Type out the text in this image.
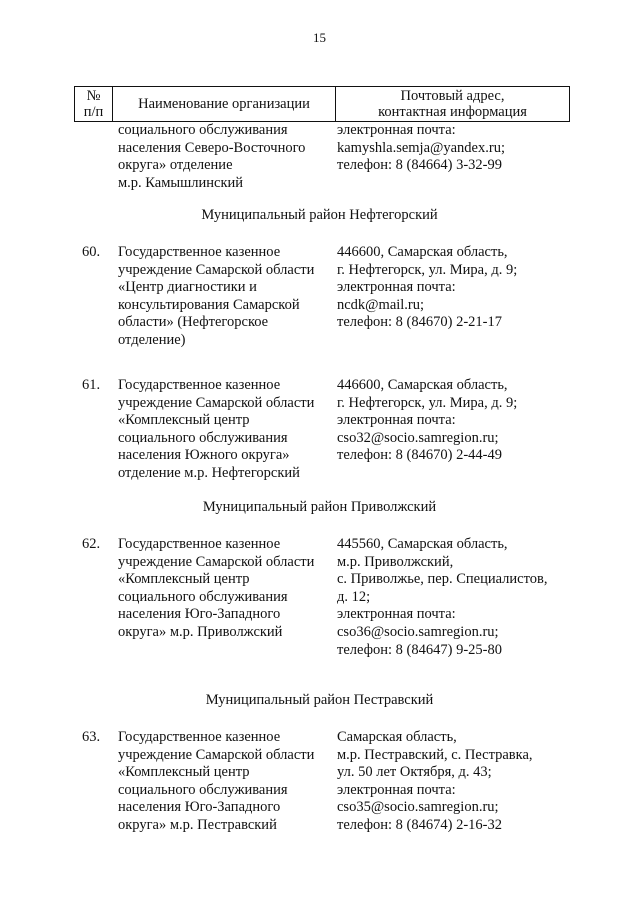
15
№
п/п Наименование организации	Почтовый адрес,
контактная информация
социального обслуживания
населения Северо-Восточного
округа» отделение
м.р. Камышлинский
электронная почта:
kamyshla.semja@yandex.ru;
телефон: 8 (84664) 3-32-99
Муниципальный район Нефтегорский
60. Государственное казенное
учреждение Самарской области
«Центр диагностики и
консультирования Самарской
области» (Нефтегорское
отделение)
446600, Самарская область,
г. Нефтегорск, ул. Мира, д. 9;
электронная почта:
ncdk@mail.ru;
телефон: 8 (84670) 2-21-17
61. Государственное казенное
учреждение Самарской области
«Комплексный центр
социального обслуживания
населения Южного округа»
отделение м.р. Нефтегорский
446600, Самарская область,
г. Нефтегорск, ул. Мира, д. 9;
электронная почта:
cso32@socio.samregion.ru;
телефон: 8 (84670) 2-44-49
Муниципальный район Приволжский
62. Государственное казенное
учреждение Самарской области
«Комплексный центр
социального обслуживания
населения Юго-Западного
округа» м.р. Приволжский
445560, Самарская область,
м.р. Приволжский,
с. Приволжье, пер. Специалистов,
д. 12;
электронная почта:
cso36@socio.samregion.ru;
телефон: 8 (84647) 9-25-80
Муниципальный район Пестравский
63. Государственное казенное
учреждение Самарской области
«Комплексный центр
социального обслуживания
населения Юго-Западного
округа» м.р. Пестравский
Самарская область,
м.р. Пестравский, с. Пестравка,
ул. 50 лет Октября, д. 43;
электронная почта:
cso35@socio.samregion.ru;
телефон: 8 (84674) 2-16-32
